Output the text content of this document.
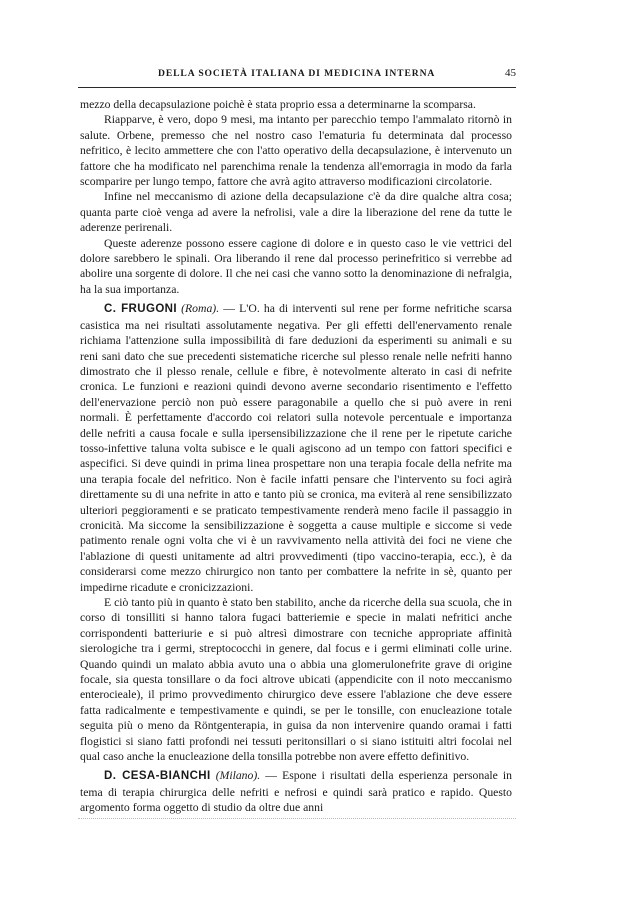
DELLA SOCIETÀ ITALIANA DI MEDICINA INTERNA	45

mezzo della decapsulazione poichè è stata proprio essa a determinarne la scomparsa.

Riapparve, è vero, dopo 9 mesi, ma intanto per parecchio tempo l'ammalato ritornò in salute. Orbene, premesso che nel nostro caso l'ematuria fu determinata dal processo nefritico, è lecito ammettere che con l'atto operativo della decapsulazione, è intervenuto un fattore che ha modificato nel parenchima renale la tendenza all'emorragia in modo da farla scomparire per lungo tempo, fattore che avrà agito attraverso modificazioni circolatorie.

Infine nel meccanismo di azione della decapsulazione c'è da dire qualche altra cosa; quanta parte cioè venga ad avere la nefrolisi, vale a dire la liberazione del rene da tutte le aderenze perirenali.

Queste aderenze possono essere cagione di dolore e in questo caso le vie vettrici del dolore sarebbero le spinali. Ora liberando il rene dal processo perinefritico si verrebbe ad abolire una sorgente di dolore. Il che nei casi che vanno sotto la denominazione di nefralgia, ha la sua importanza.

C. FRUGONI (Roma). — L'O. ha di interventi sul rene per forme nefritiche scarsa casistica ma nei risultati assolutamente negativa. Per gli effetti dell'enervamento renale richiama l'attenzione sulla impossibilità di fare deduzioni da esperimenti su animali e su reni sani dato che sue precedenti sistematiche ricerche sul plesso renale nelle nefriti hanno dimostrato che il plesso renale, cellule e fibre, è notevolmente alterato in casi di nefrite cronica. Le funzioni e reazioni quindi devono averne secondario risentimento e l'effetto dell'enervazione perciò non può essere paragonabile a quello che si può avere in reni normali. È perfettamente d'accordo coi relatori sulla notevole percentuale e importanza delle nefriti a causa focale e sulla ipersensibilizzazione che il rene per le ripetute cariche tosso-infettive taluna volta subisce e le quali agiscono ad un tempo con fattori specifici e aspecifici. Si deve quindi in prima linea prospettare non una terapia focale della nefrite ma una terapia focale del nefritico. Non è facile infatti pensare che l'intervento su foci agirà direttamente su di una nefrite in atto e tanto più se cronica, ma eviterà al rene sensibilizzato ulteriori peggioramenti e se praticato tempestivamente renderà meno facile il passaggio in cronicità. Ma siccome la sensibilizzazione è soggetta a cause multiple e siccome si vede patimento renale ogni volta che vi è un ravvivamento nella attività dei foci ne viene che l'ablazione di questi unitamente ad altri provvedimenti (tipo vaccino-terapia, ecc.), è da considerarsi come mezzo chirurgico non tanto per combattere la nefrite in sè, quanto per impedirne ricadute e cronicizzazioni.

E ciò tanto più in quanto è stato ben stabilito, anche da ricerche della sua scuola, che in corso di tonsilliti si hanno talora fugaci batteriemie e specie in malati nefritici anche corrispondenti batteriurie e si può altresì dimostrare con tecniche appropriate affinità sierologiche tra i germi, streptococchi in genere, dal focus e i germi eliminati colle urine. Quando quindi un malato abbia avuto una o abbia una glomerulonefrite grave di origine focale, sia questa tonsillare o da foci altrove ubicati (appendicite con il noto meccanismo enterocieale), il primo provvedimento chirurgico deve essere l'ablazione che deve essere fatta radicalmente e tempestivamente e quindi, se per le tonsille, con enucleazione totale seguita più o meno da Röntgenterapia, in guisa da non intervenire quando oramai i fatti flogistici si siano fatti profondi nei tessuti peritonsillari o si siano istituiti altri focolai nel qual caso anche la enucleazione della tonsilla potrebbe non avere effetto definitivo.

D. CESA-BIANCHI (Milano). — Espone i risultati della esperienza personale in tema di terapia chirurgica delle nefriti e nefrosi e quindi sarà pratico e rapido. Questo argomento forma oggetto di studio da oltre due anni
